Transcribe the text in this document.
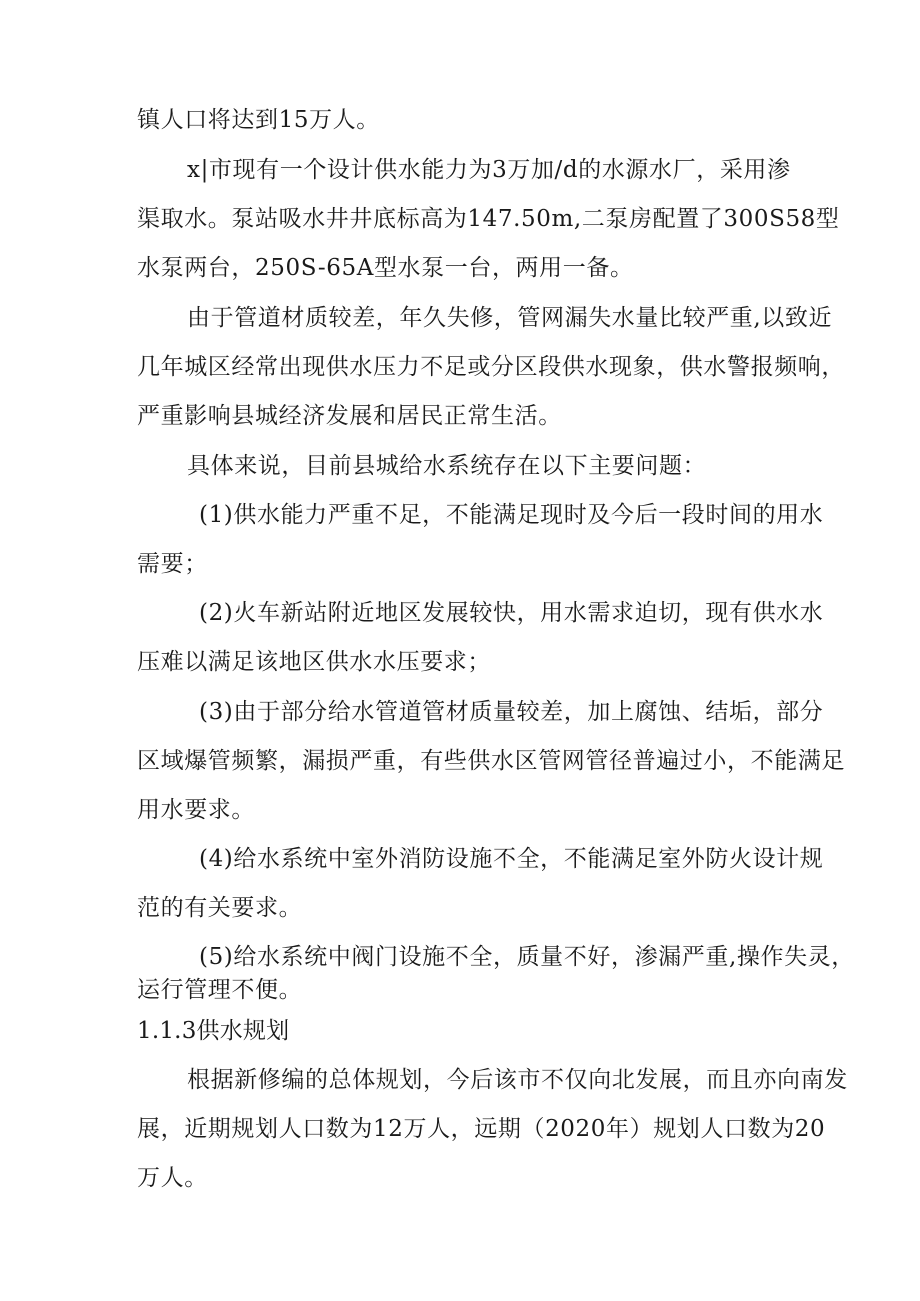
镇人口将达到15万人。
x|市现有一个设计供水能力为3万加/d的水源水厂，采用渗
渠取水。泵站吸水井井底标高为147.50m,二泵房配置了300S58型
水泵两台，250S-65A型水泵一台，两用一备。
由于管道材质较差，年久失修，管网漏失水量比较严重,以致近
几年城区经常出现供水压力不足或分区段供水现象，供水警报频响，
严重影响县城经济发展和居民正常生活。
具体来说，目前县城给水系统存在以下主要问题：
(1)供水能力严重不足，不能满足现时及今后一段时间的用水
需要；
(2)火车新站附近地区发展较快，用水需求迫切，现有供水水
压难以满足该地区供水水压要求；
(3)由于部分给水管道管材质量较差，加上腐蚀、结垢，部分
区域爆管频繁，漏损严重，有些供水区管网管径普遍过小，不能满足
用水要求。
(4)给水系统中室外消防设施不全，不能满足室外防火设计规
范的有关要求。
(5)给水系统中阀门设施不全，质量不好，渗漏严重,操作失灵，
运行管理不便。
1.1.3供水规划
根据新修编的总体规划，今后该市不仅向北发展，而且亦向南发
展，近期规划人口数为12万人，远期（2020年）规划人口数为20
万人。
